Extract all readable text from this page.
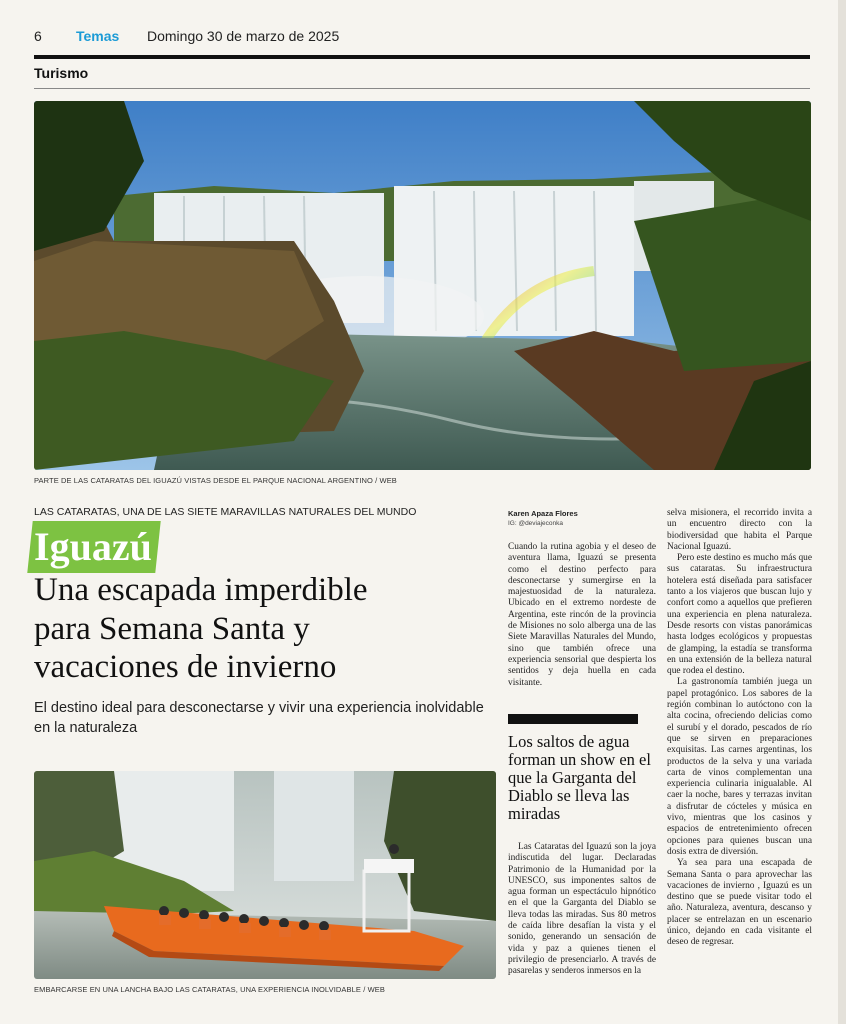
6 Temas Domingo 30 de marzo de 2025
Turismo
PARTE DE LAS CATARATAS DEL IGUAZÚ VISTAS DESDE EL PARQUE NACIONAL ARGENTINO / WEB
LAS CATARATAS, UNA DE LAS SIETE MARAVILLAS NATURALES DEL MUNDO
Iguazú
Una escapada imperdible
para Semana Santa y
vacaciones de invierno
El destino ideal para desconectarse y vivir una experiencia inolvidable en la naturaleza
EMBARCARSE EN UNA LANCHA BAJO LAS CATARATAS, UNA EXPERIENCIA INOLVIDABLE / WEB
Karen Apaza Flores
IG: @deviajeconka

Cuando la rutina agobia y el deseo de aventura llama, Iguazú se presenta como el destino perfecto para desconectarse y sumergirse en la majestuosidad de la naturaleza. Ubicado en el extremo nordeste de Argentina, este rincón de la provincia de Misiones no solo alberga una de las Siete Maravillas Naturales del Mundo, sino que también ofrece una experiencia sensorial que despierta los sentidos y deja huella en cada visitante.

Los saltos de agua forman un show en el que la Garganta del Diablo se lleva las miradas

Las Cataratas del Iguazú son la joya indiscutida del lugar. Declaradas Patrimonio de la Humanidad por la UNESCO, sus imponentes saltos de agua forman un espectáculo hipnótico en el que la Garganta del Diablo se lleva todas las miradas. Sus 80 metros de caída libre desafían la vista y el sonido, generando un sensación de vida y paz a quienes tienen el privilegio de presenciarlo. A través de pasarelas y senderos inmersos en la

selva misionera, el recorrido invita a un encuentro directo con la biodiversidad que habita el Parque Nacional Iguazú.

Pero este destino es mucho más que sus cataratas. Su infraestructura hotelera está diseñada para satisfacer tanto a los viajeros que buscan lujo y confort como a aquellos que prefieren una experiencia en plena naturaleza. Desde resorts con vistas panorámicas hasta lodges ecológicos y propuestas de glamping, la estadía se transforma en una extensión de la belleza natural que rodea el destino.

La gastronomía también juega un papel protagónico. Los sabores de la región combinan lo autóctono con la alta cocina, ofreciendo delicias como el surubí y el dorado, pescados de río que se sirven en preparaciones exquisitas. Las carnes argentinas, los productos de la selva y una variada carta de vinos complementan una experiencia culinaria inigualable. Al caer la noche, bares y terrazas invitan a disfrutar de cócteles y música en vivo, mientras que los casinos y espacios de entretenimiento ofrecen opciones para quienes buscan una dosis extra de diversión.

Ya sea para una escapada de Semana Santa o para aprovechar las vacaciones de invierno , Iguazú es un destino que se puede visitar todo el año. Naturaleza, aventura, descanso y placer se entrelazan en un escenario único, dejando en cada visitante el deseo de regresar.
